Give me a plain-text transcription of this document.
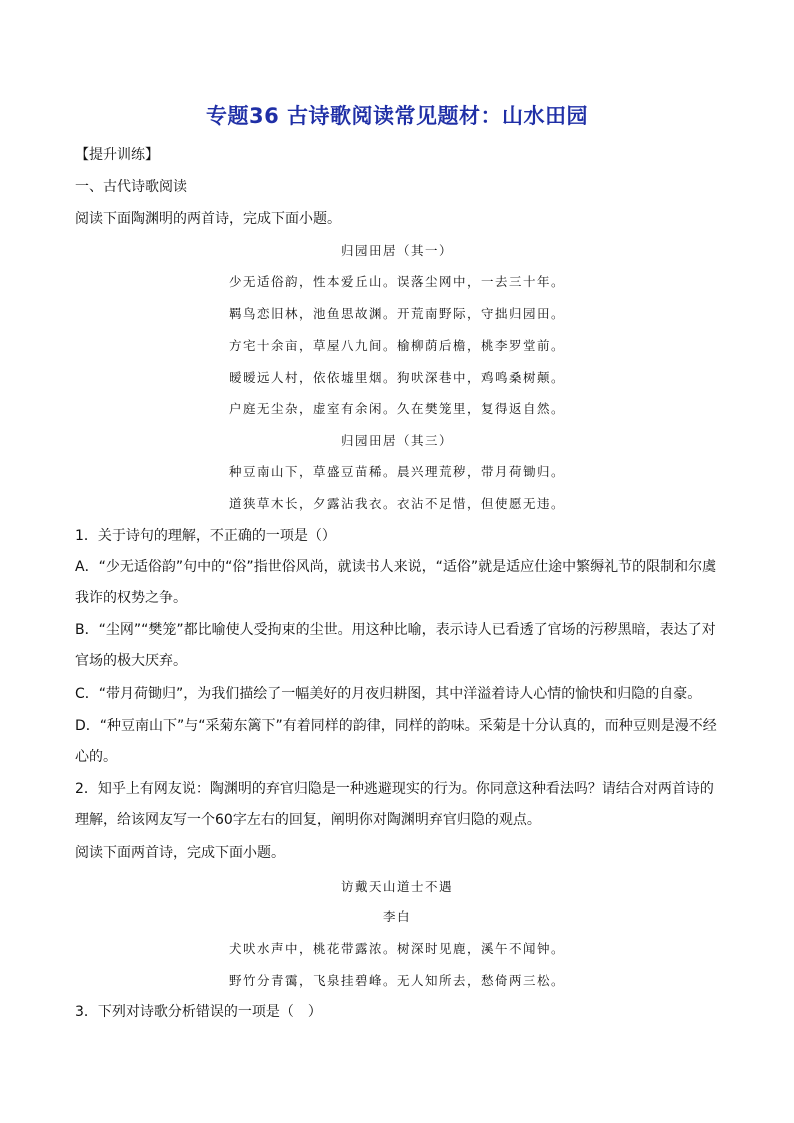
专题36 古诗歌阅读常见题材：山水田园
【提升训练】
一、古代诗歌阅读
阅读下面陶渊明的两首诗，完成下面小题。
归园田居（其一）
少无适俗韵，性本爱丘山。误落尘网中，一去三十年。
羁鸟恋旧林，池鱼思故渊。开荒南野际，守拙归园田。
方宅十余亩，草屋八九间。榆柳荫后檐，桃李罗堂前。
暧暧远人村，依依墟里烟。狗吠深巷中，鸡鸣桑树颠。
户庭无尘杂，虚室有余闲。久在樊笼里，复得返自然。
归园田居（其三）
种豆南山下，草盛豆苗稀。晨兴理荒秽，带月荷锄归。
道狭草木长，夕露沾我衣。衣沾不足惜，但使愿无违。
1．关于诗句的理解，不正确的一项是（）
A．“少无适俗韵”句中的“俗”指世俗风尚，就读书人来说，“适俗”就是适应仕途中繁缛礼节的限制和尔虞我诈的权势之争。
B．“尘网”“樊笼”都比喻使人受拘束的尘世。用这种比喻，表示诗人已看透了官场的污秽黑暗，表达了对官场的极大厌弃。
C．“带月荷锄归”，为我们描绘了一幅美好的月夜归耕图，其中洋溢着诗人心情的愉快和归隐的自豪。
D．“种豆南山下”与“采菊东篱下”有着同样的韵律，同样的韵味。采菊是十分认真的，而种豆则是漫不经心的。
2．知乎上有网友说：陶渊明的弃官归隐是一种逃避现实的行为。你同意这种看法吗？请结合对两首诗的理解，给该网友写一个60字左右的回复，阐明你对陶渊明弃官归隐的观点。
阅读下面两首诗，完成下面小题。
访戴天山道士不遇
李白
犬吠水声中，桃花带露浓。树深时见鹿，溪午不闻钟。
野竹分青霭，飞泉挂碧峰。无人知所去，愁倚两三松。
3．下列对诗歌分析错误的一项是（　）
